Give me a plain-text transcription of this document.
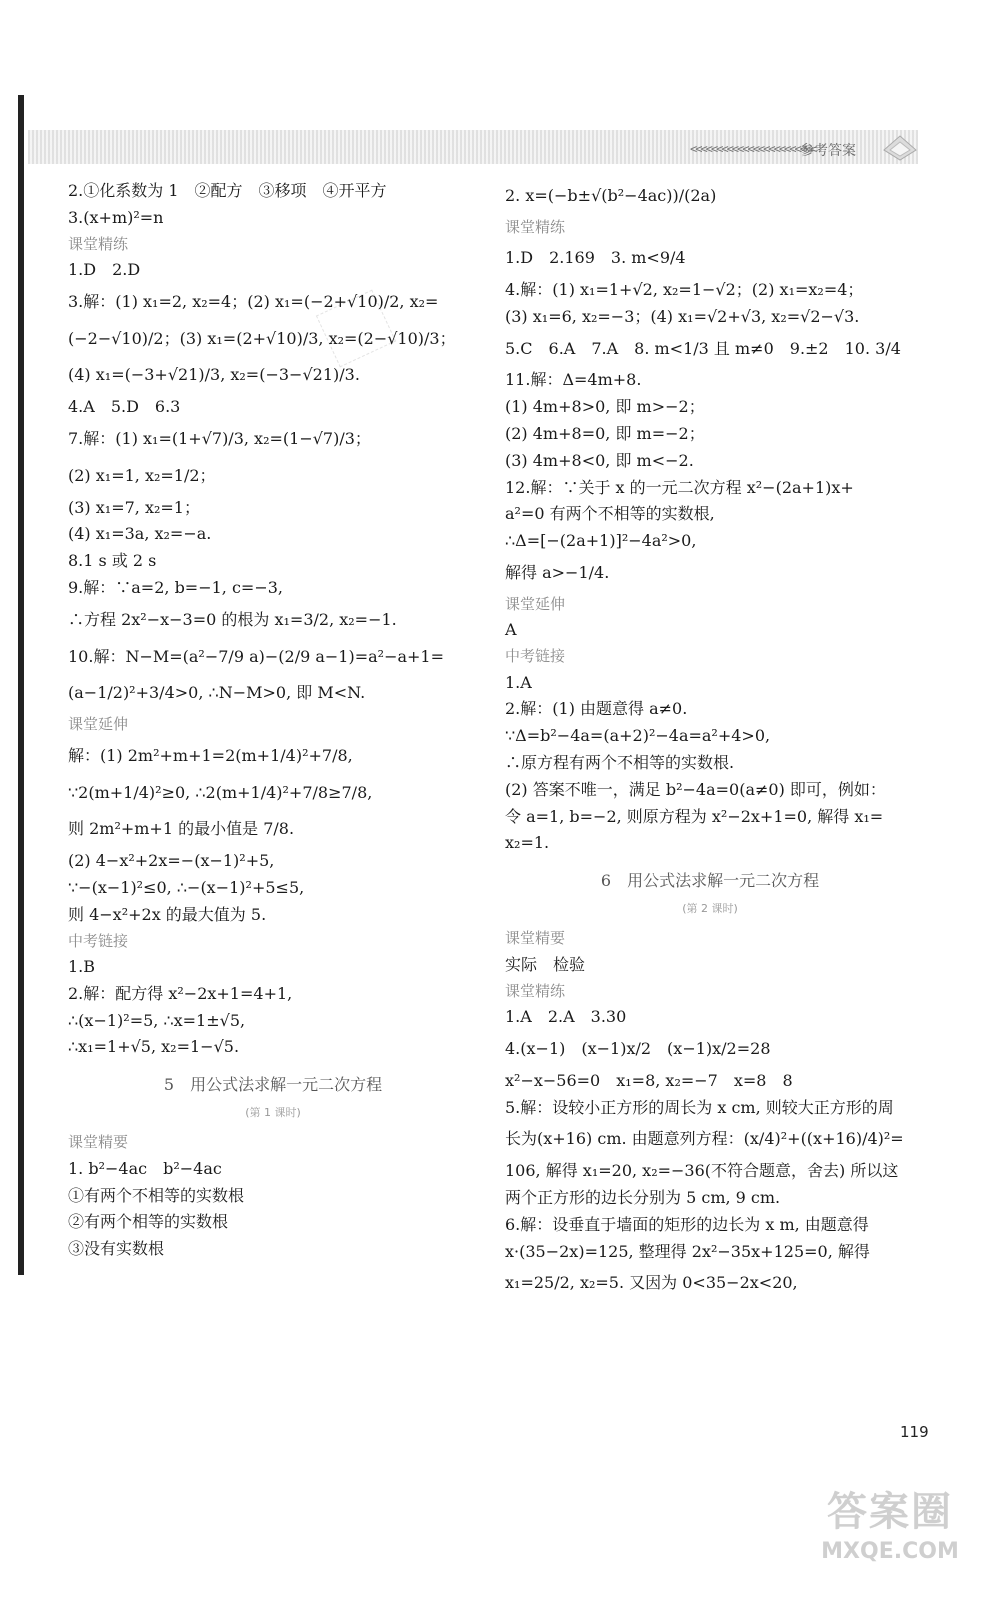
<<<<<<<<<<<<<<<<<<<<<<<<
参考答案
2.①化系数为 1　②配方　③移项　④开平方
3.(x+m)²=n
课堂精练
1.D　2.D
3.解：(1) x₁=2, x₂=4；(2) x₁=(−2+√10)/2, x₂=
(−2−√10)/2；(3) x₁=(2+√10)/3, x₂=(2−√10)/3；
(4) x₁=(−3+√21)/3, x₂=(−3−√21)/3.
4.A　5.D　6.3
7.解：(1) x₁=(1+√7)/3, x₂=(1−√7)/3；
(2) x₁=1, x₂=1/2；
(3) x₁=7, x₂=1；
(4) x₁=3a, x₂=−a.
8.1 s 或 2 s
9.解：∵a=2, b=−1, c=−3,
∴方程 2x²−x−3=0 的根为 x₁=3/2, x₂=−1.
10.解：N−M=(a²−7/9 a)−(2/9 a−1)=a²−a+1=
(a−1/2)²+3/4>0, ∴N−M>0, 即 M<N.
课堂延伸
解：(1) 2m²+m+1=2(m+1/4)²+7/8,
∵2(m+1/4)²≥0, ∴2(m+1/4)²+7/8≥7/8,
则 2m²+m+1 的最小值是 7/8.
(2) 4−x²+2x=−(x−1)²+5,
∵−(x−1)²≤0, ∴−(x−1)²+5≤5,
则 4−x²+2x 的最大值为 5.
中考链接
1.B
2.解：配方得 x²−2x+1=4+1,
∴(x−1)²=5, ∴x=1±√5,
∴x₁=1+√5, x₂=1−√5.
5　用公式法求解一元二次方程
(第 1 课时)
课堂精要
1. b²−4ac　b²−4ac
①有两个不相等的实数根
②有两个相等的实数根
③没有实数根
2. x=(−b±√(b²−4ac))/(2a)
课堂精练
1.D　2.169　3. m<9/4
4.解：(1) x₁=1+√2, x₂=1−√2；(2) x₁=x₂=4；
(3) x₁=6, x₂=−3；(4) x₁=√2+√3, x₂=√2−√3.
5.C　6.A　7.A　8. m<1/3 且 m≠0　9.±2　10. 3/4
11.解：Δ=4m+8.
(1) 4m+8>0, 即 m>−2；
(2) 4m+8=0, 即 m=−2；
(3) 4m+8<0, 即 m<−2.
12.解：∵关于 x 的一元二次方程 x²−(2a+1)x+
a²=0 有两个不相等的实数根,
∴Δ=[−(2a+1)]²−4a²>0,
解得 a>−1/4.
课堂延伸
A
中考链接
1.A
2.解：(1) 由题意得 a≠0.
∵Δ=b²−4a=(a+2)²−4a=a²+4>0,
∴原方程有两个不相等的实数根.
(2) 答案不唯一，满足 b²−4a=0(a≠0) 即可，例如：
令 a=1, b=−2, 则原方程为 x²−2x+1=0, 解得 x₁=
x₂=1.
6　用公式法求解一元二次方程
(第 2 课时)
课堂精要
实际　检验
课堂精练
1.A　2.A　3.30
4.(x−1)　(x−1)x/2　(x−1)x/2=28
x²−x−56=0　x₁=8, x₂=−7　x=8　8
5.解：设较小正方形的周长为 x cm, 则较大正方形的周
长为(x+16) cm. 由题意列方程：(x/4)²+((x+16)/4)²=
106, 解得 x₁=20, x₂=−36(不符合题意，舍去) 所以这
两个正方形的边长分别为 5 cm, 9 cm.
6.解：设垂直于墙面的矩形的边长为 x m, 由题意得
x·(35−2x)=125, 整理得 2x²−35x+125=0, 解得
x₁=25/2, x₂=5. 又因为 0<35−2x<20,
119
答案圈
MXQE.COM
